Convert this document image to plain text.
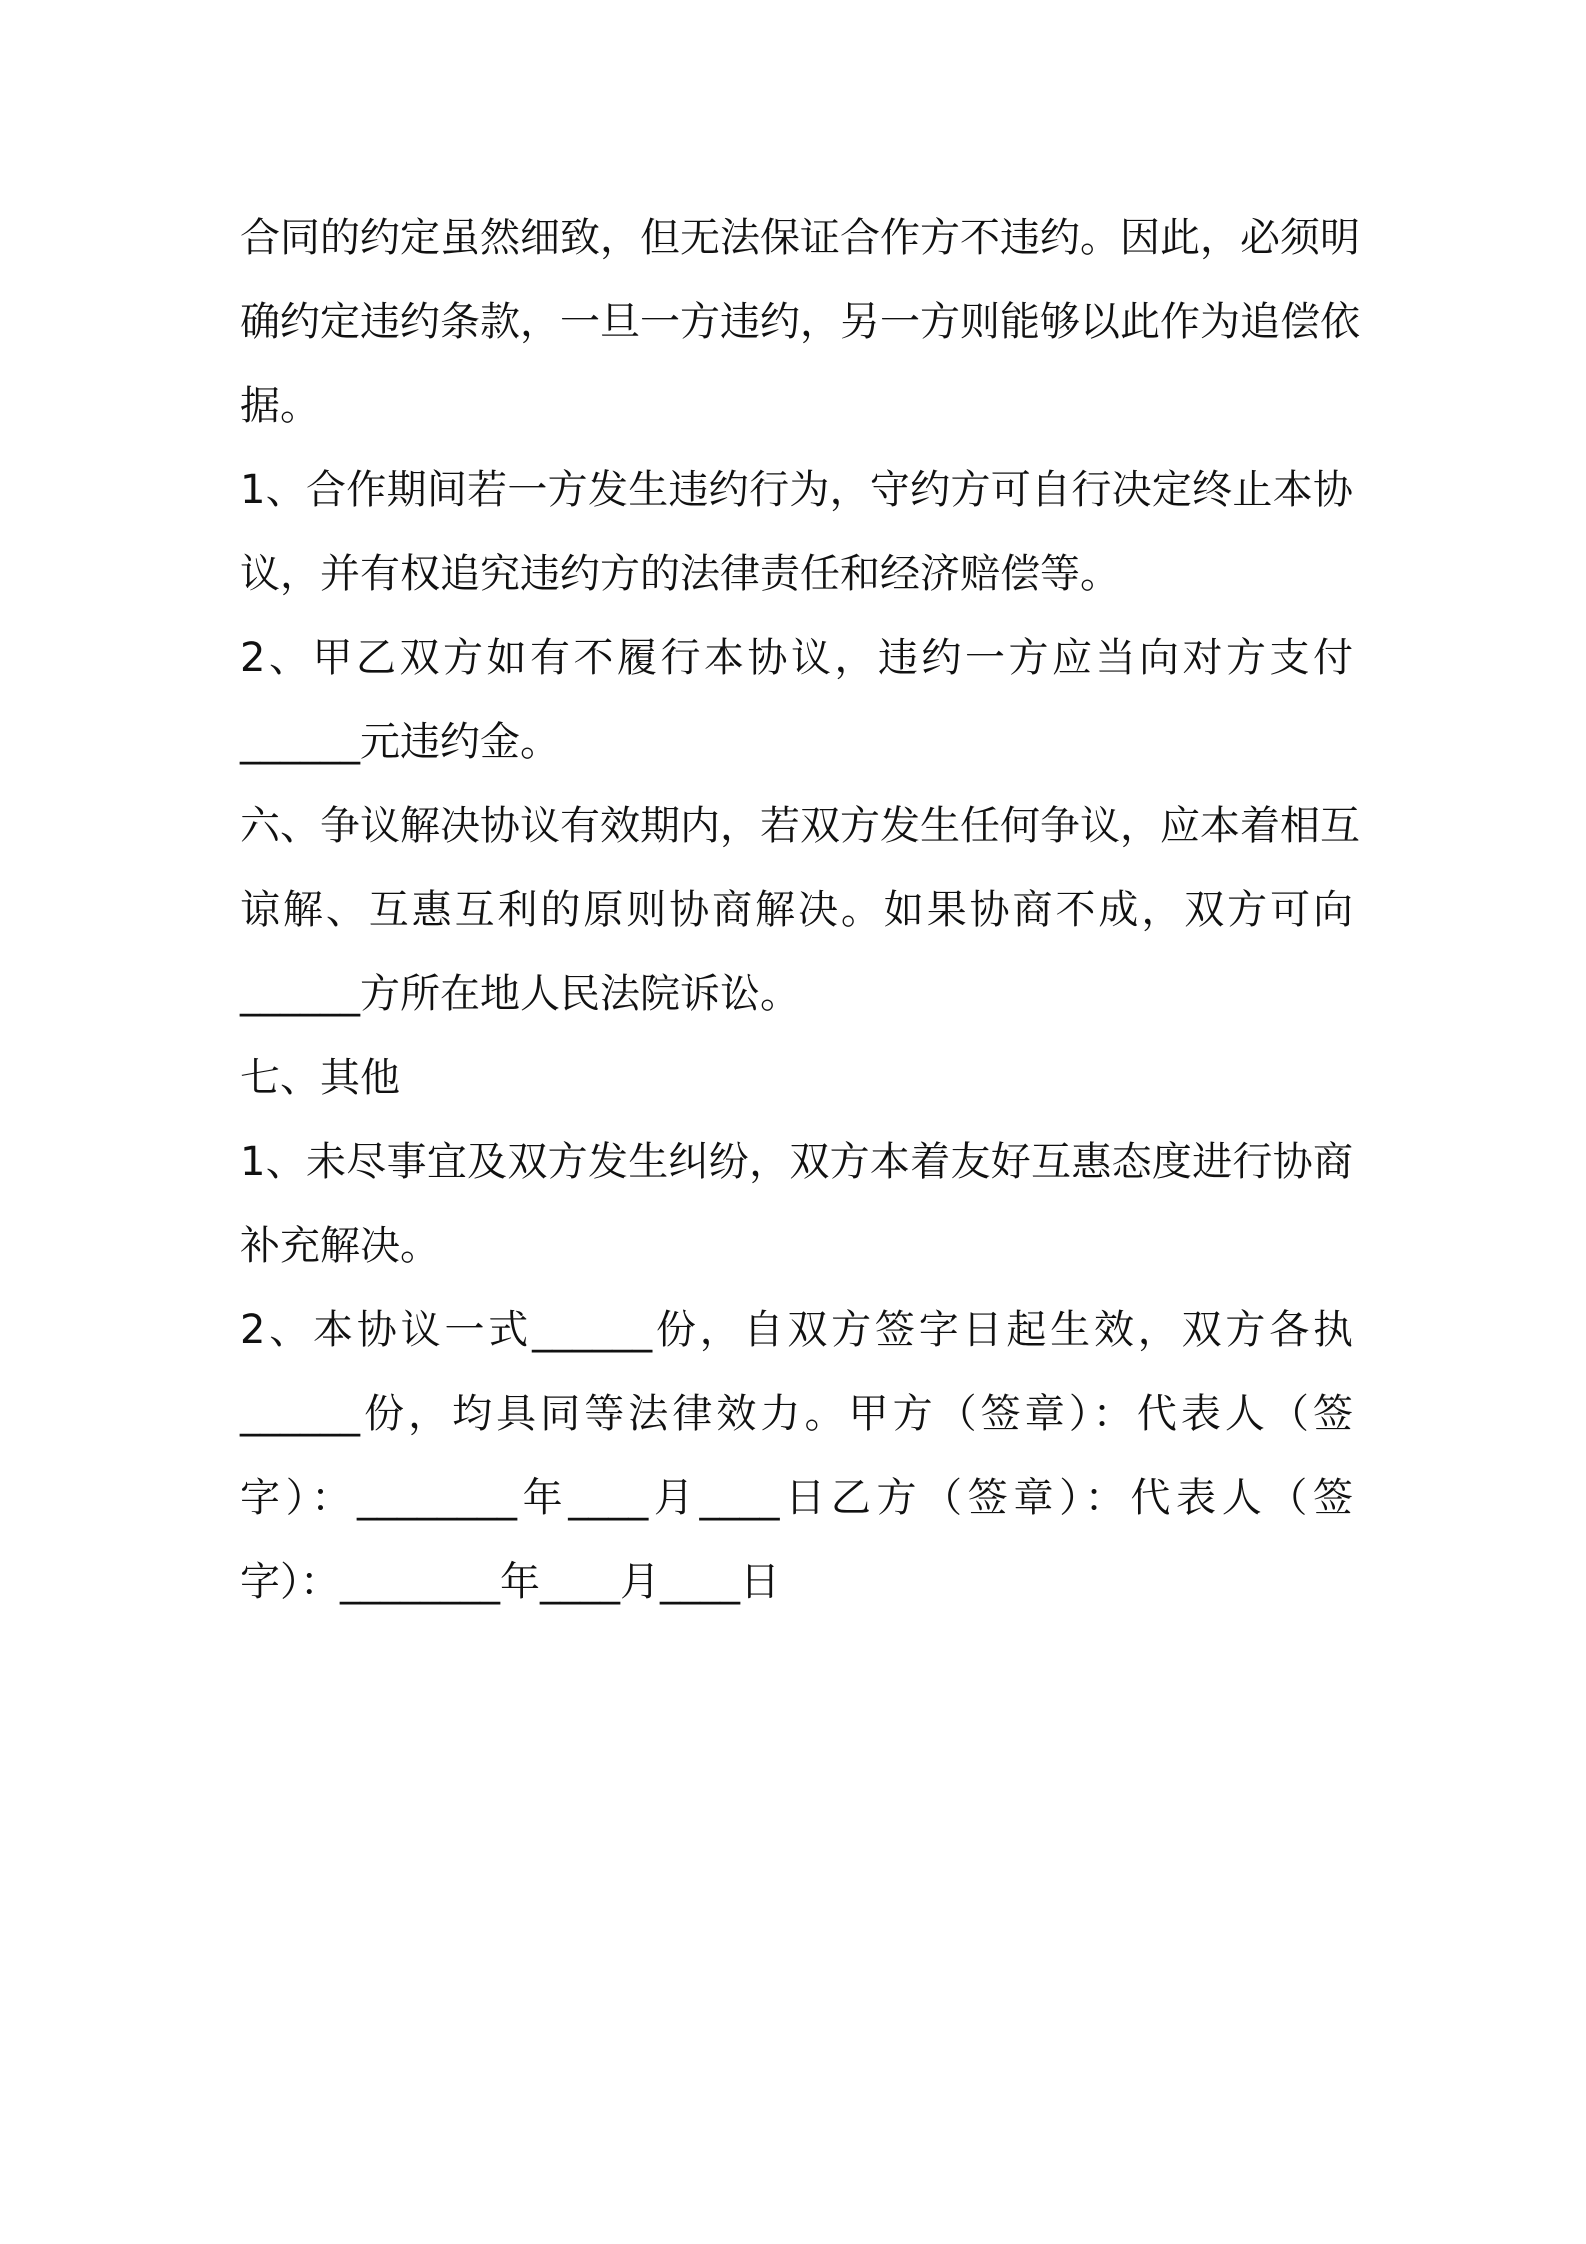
合同的约定虽然细致，但无法保证合作方不违约。因此，必须明
确约定违约条款，一旦一方违约，另一方则能够以此作为追偿依
据。
1、合作期间若一方发生违约行为，守约方可自行决定终止本协
议，并有权追究违约方的法律责任和经济赔偿等。
2、甲乙双方如有不履行本协议，违约一方应当向对方支付
______元违约金。
六、争议解决协议有效期内，若双方发生任何争议，应本着相互
谅解、互惠互利的原则协商解决。如果协商不成，双方可向
______方所在地人民法院诉讼。
七、其他
1、未尽事宜及双方发生纠纷，双方本着友好互惠态度进行协商
补充解决。
2、本协议一式______份，自双方签字日起生效，双方各执
______份，均具同等法律效力。甲方（签章）：代表人（签
字）：________年____月____日乙方（签章）：代表人（签
字）：________年____月____日
